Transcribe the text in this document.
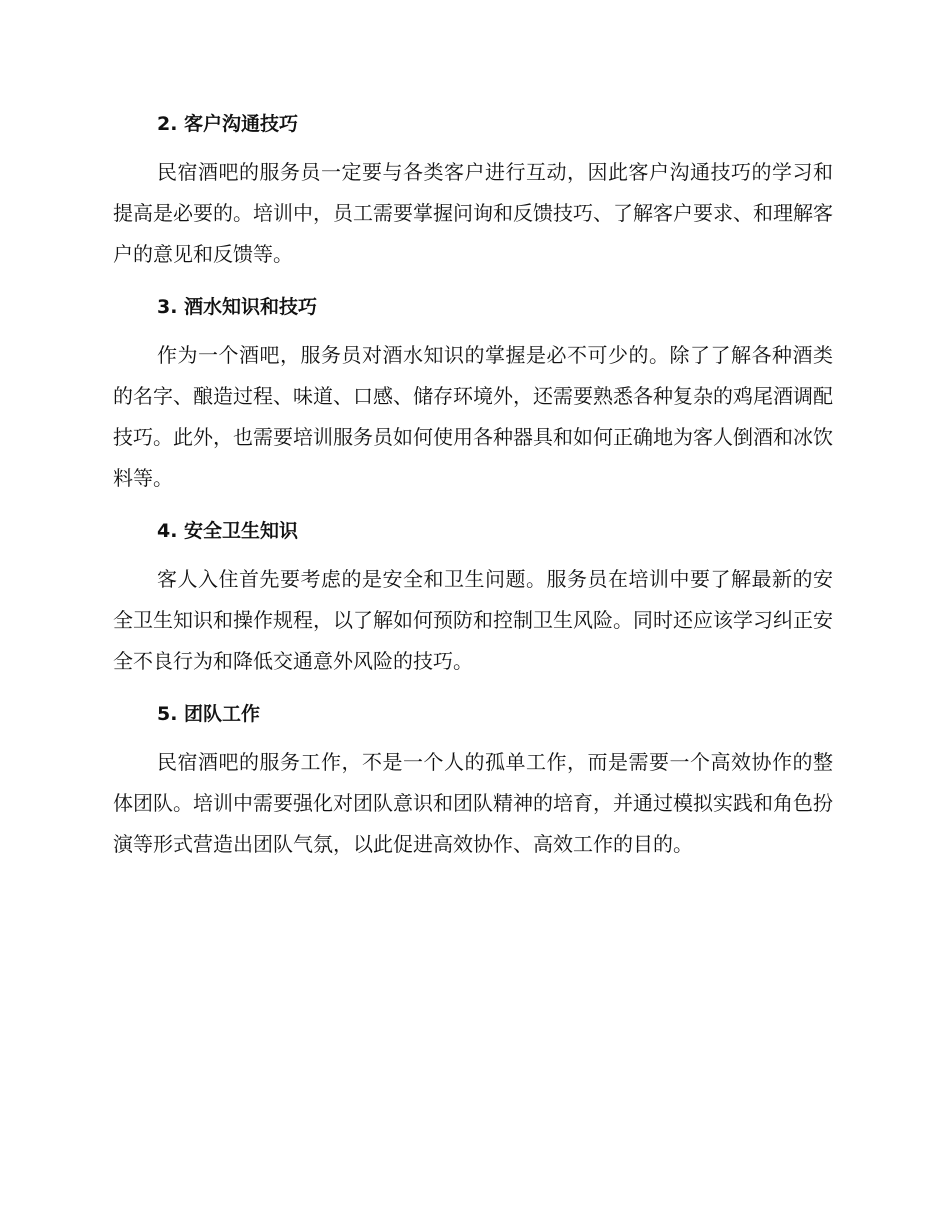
2. 客户沟通技巧

民宿酒吧的服务员一定要与各类客户进行互动，因此客户沟通技巧的学习和提高是必要的。培训中，员工需要掌握问询和反馈技巧、了解客户要求、和理解客户的意见和反馈等。

3. 酒水知识和技巧

作为一个酒吧，服务员对酒水知识的掌握是必不可少的。除了了解各种酒类的名字、酿造过程、味道、口感、储存环境外，还需要熟悉各种复杂的鸡尾酒调配技巧。此外，也需要培训服务员如何使用各种器具和如何正确地为客人倒酒和冰饮料等。

4. 安全卫生知识

客人入住首先要考虑的是安全和卫生问题。服务员在培训中要了解最新的安全卫生知识和操作规程，以了解如何预防和控制卫生风险。同时还应该学习纠正安全不良行为和降低交通意外风险的技巧。

5. 团队工作

民宿酒吧的服务工作，不是一个人的孤单工作，而是需要一个高效协作的整体团队。培训中需要强化对团队意识和团队精神的培育，并通过模拟实践和角色扮演等形式营造出团队气氛，以此促进高效协作、高效工作的目的。
